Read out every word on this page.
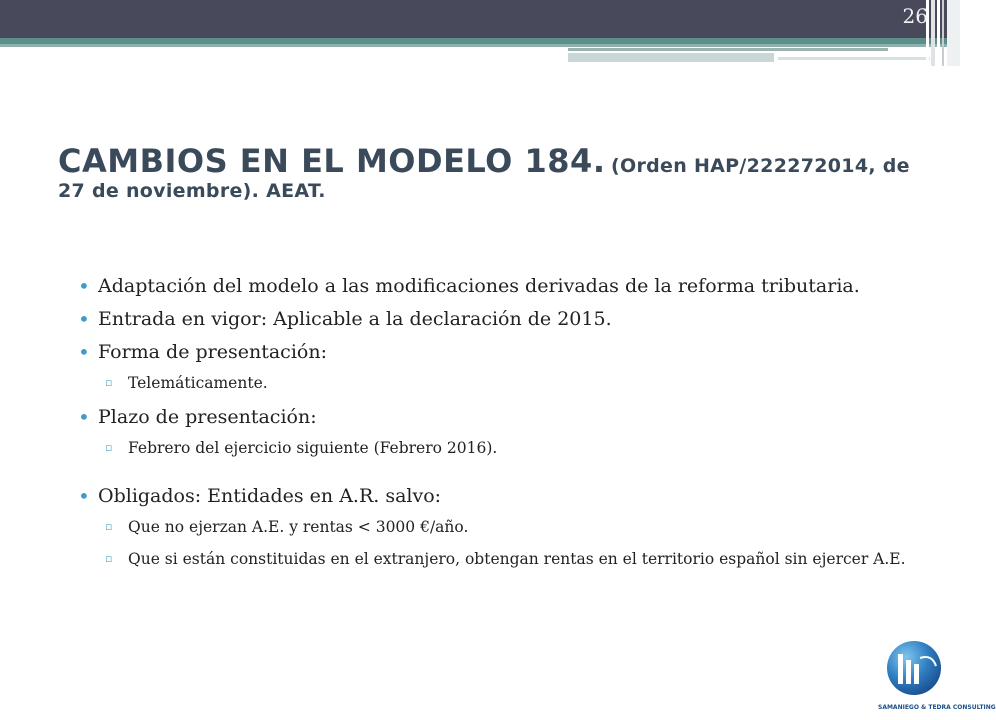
26
CAMBIOS EN EL MODELO 184. (Orden HAP/222272014, de 27 de noviembre). AEAT.
• Adaptación del modelo a las modificaciones derivadas de la reforma tributaria.
• Entrada en vigor: Aplicable a la declaración de 2015.
• Forma de presentación:
▫ Telemáticamente.
• Plazo de presentación:
▫ Febrero del ejercicio siguiente (Febrero 2016).
• Obligados: Entidades en A.R. salvo:
▫ Que no ejerzan A.E. y rentas < 3000 €/año.
▫ Que si están constituidas en el extranjero, obtengan rentas en el territorio español sin ejercer A.E.
SAMANIEGO & TEDRA CONSULTING
